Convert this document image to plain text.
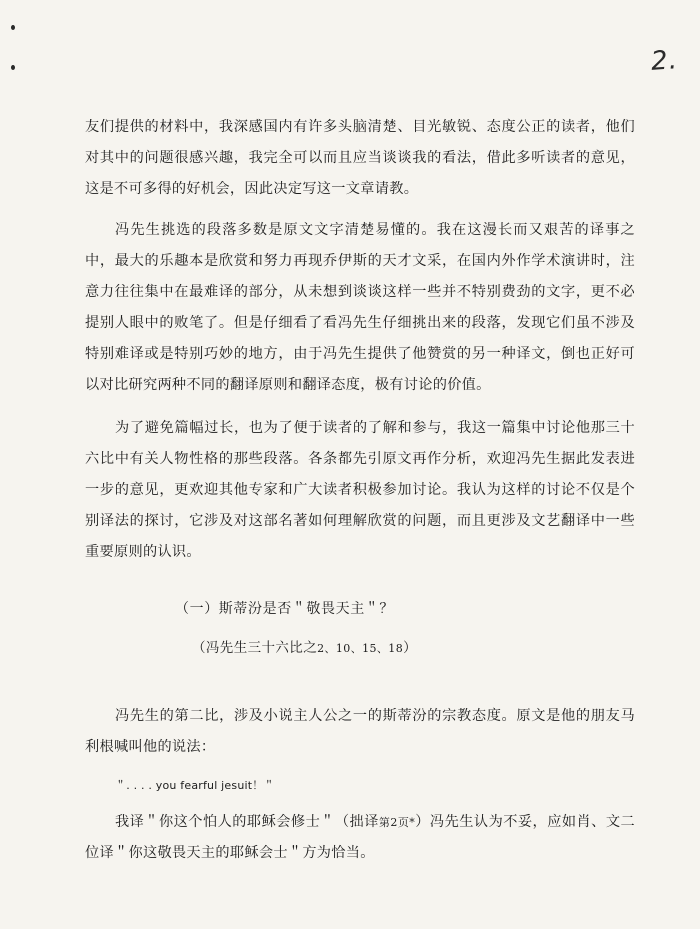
2.

友们提供的材料中，我深感国内有许多头脑清楚、目光敏锐、态度公正的读者，他们对其中的问题很感兴趣，我完全可以而且应当谈谈我的看法，借此多听读者的意见，这是不可多得的好机会，因此决定写这一文章请教。

冯先生挑选的段落多数是原文文字清楚易懂的。我在这漫长而又艰苦的译事之中，最大的乐趣本是欣赏和努力再现乔伊斯的天才文采，在国内外作学术演讲时，注意力往往集中在最难译的部分，从未想到谈谈这样一些并不特别费劲的文字，更不必提别人眼中的败笔了。但是仔细看了看冯先生仔细挑出来的段落，发现它们虽不涉及特别难译或是特别巧妙的地方，由于冯先生提供了他赞赏的另一种译文，倒也正好可以对比研究两种不同的翻译原则和翻译态度，极有讨论的价值。

为了避免篇幅过长，也为了便于读者的了解和参与，我这一篇集中讨论他那三十六比中有关人物性格的那些段落。各条都先引原文再作分析，欢迎冯先生据此发表进一步的意见，更欢迎其他专家和广大读者积极参加讨论。我认为这样的讨论不仅是个别译法的探讨，它涉及对这部名著如何理解欣赏的问题，而且更涉及文艺翻译中一些重要原则的认识。

（一）斯蒂汾是否＂敬畏天主＂？
（冯先生三十六比之2、10、15、18）

冯先生的第二比，涉及小说主人公之一的斯蒂汾的宗教态度。原文是他的朋友马利根喊叫他的说法：

＂. . . . you fearful jesuit！＂

我译＂你这个怕人的耶稣会修士＂（拙译第2页*）冯先生认为不妥，应如肖、文二位译＂你这敬畏天主的耶稣会士＂方为恰当。
